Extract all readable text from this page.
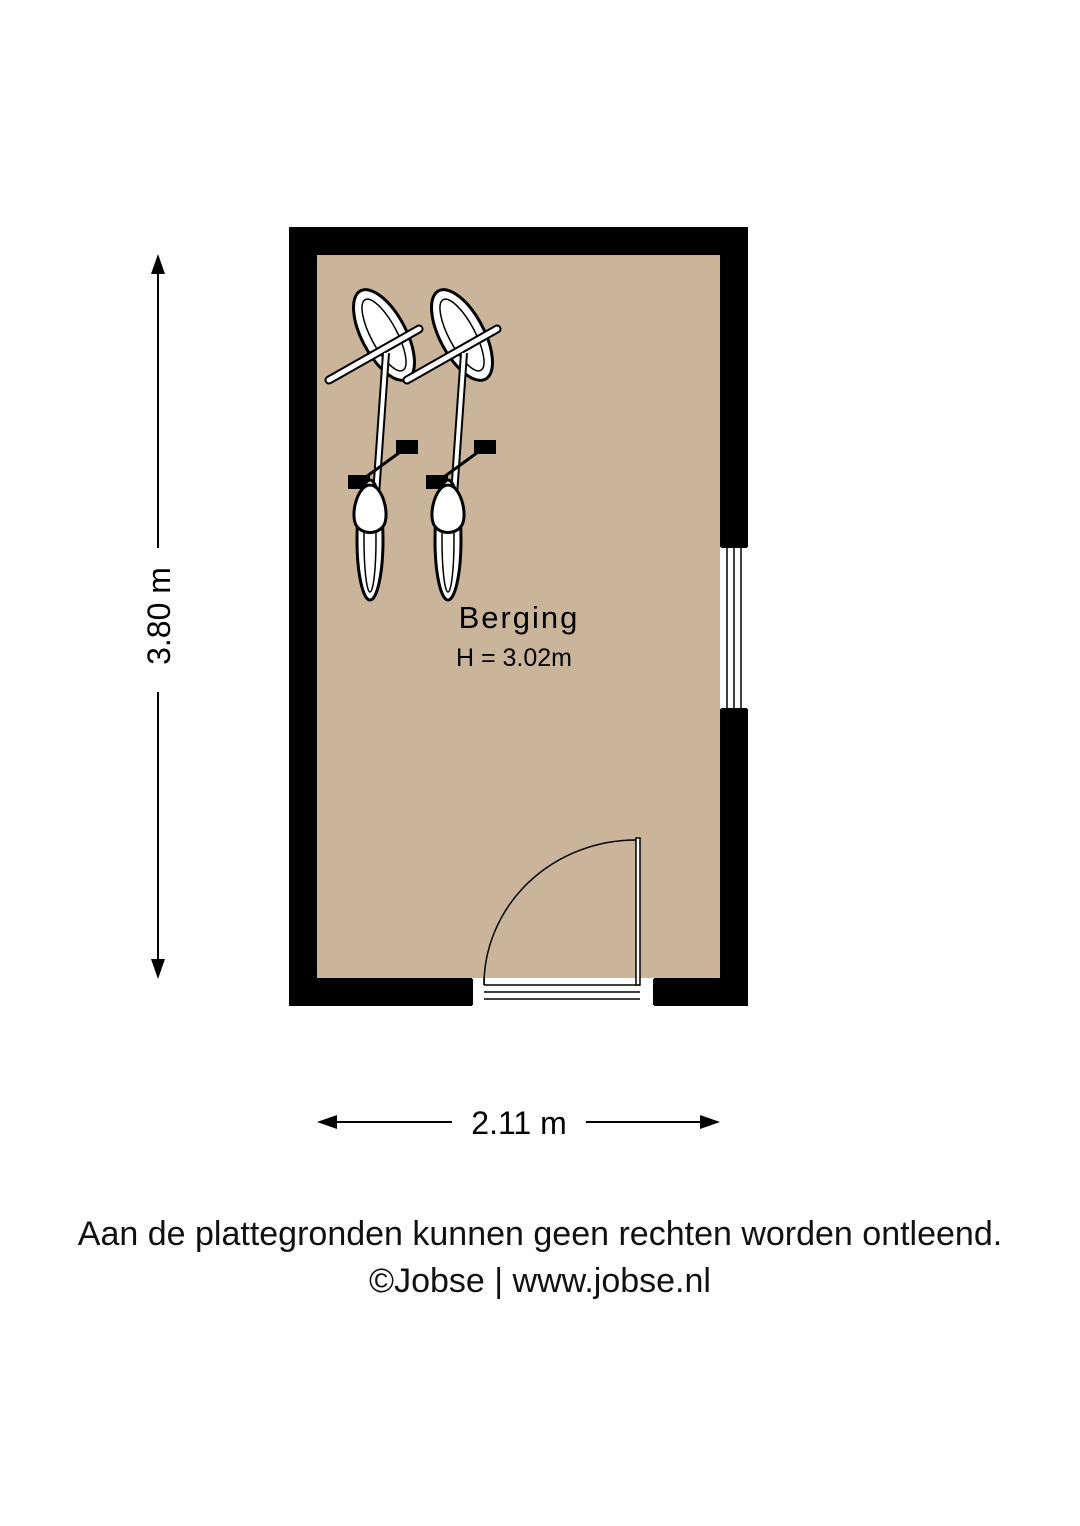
Berging
H = 3.02m
3.80 m
2.11 m
Aan de plattegronden kunnen geen rechten worden ontleend.
©Jobse | www.jobse.nl
